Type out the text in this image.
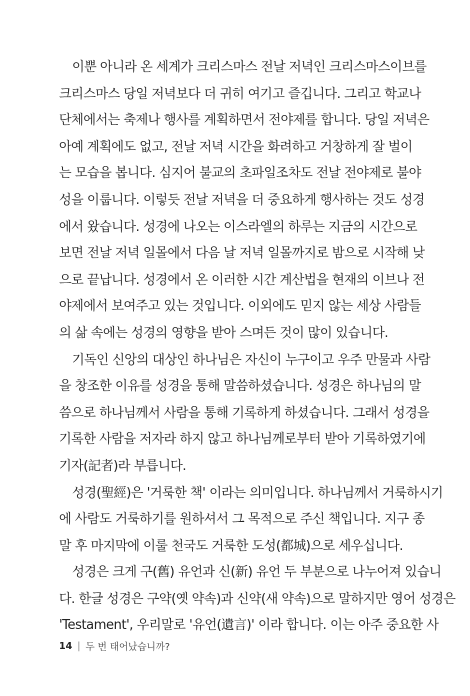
이뿐 아니라 온 세계가 크리스마스 전날 저녁인 크리스마스이브를
크리스마스 당일 저녁보다 더 귀히 여기고 즐깁니다. 그리고 학교나
단체에서는 축제나 행사를 계획하면서 전야제를 합니다. 당일 저녁은
아예 계획에도 없고, 전날 저녁 시간을 화려하고 거창하게 잘 벌이
는 모습을 봅니다. 심지어 불교의 초파일조차도 전날 전야제로 불야
성을 이룹니다. 이렇듯 전날 저녁을 더 중요하게 행사하는 것도 성경
에서 왔습니다. 성경에 나오는 이스라엘의 하루는 지금의 시간으로
보면 전날 저녁 일몰에서 다음 날 저녁 일몰까지로 밤으로 시작해 낮
으로 끝납니다. 성경에서 온 이러한 시간 계산법을 현재의 이브나 전
야제에서 보여주고 있는 것입니다. 이외에도 믿지 않는 세상 사람들
의 삶 속에는 성경의 영향을 받아 스며든 것이 많이 있습니다.

기독인 신앙의 대상인 하나님은 자신이 누구이고 우주 만물과 사람
을 창조한 이유를 성경을 통해 말씀하셨습니다. 성경은 하나님의 말
씀으로 하나님께서 사람을 통해 기록하게 하셨습니다. 그래서 성경을
기록한 사람을 저자라 하지 않고 하나님께로부터 받아 기록하였기에
기자(記者)라 부릅니다.

성경(聖經)은 '거룩한 책' 이라는 의미입니다. 하나님께서 거룩하시기
에 사람도 거룩하기를 원하셔서 그 목적으로 주신 책입니다. 지구 종
말 후 마지막에 이룰 천국도 거룩한 도성(都城)으로 세우십니다.

성경은 크게 구(舊) 유언과 신(新) 유언 두 부분으로 나누어져 있습니
다. 한글 성경은 구약(옛 약속)과 신약(새 약속)으로 말하지만 영어 성경은
'Testament', 우리말로 '유언(遺言)' 이라 합니다. 이는 아주 중요한 사

14 | 두 번 태어났습니까?
